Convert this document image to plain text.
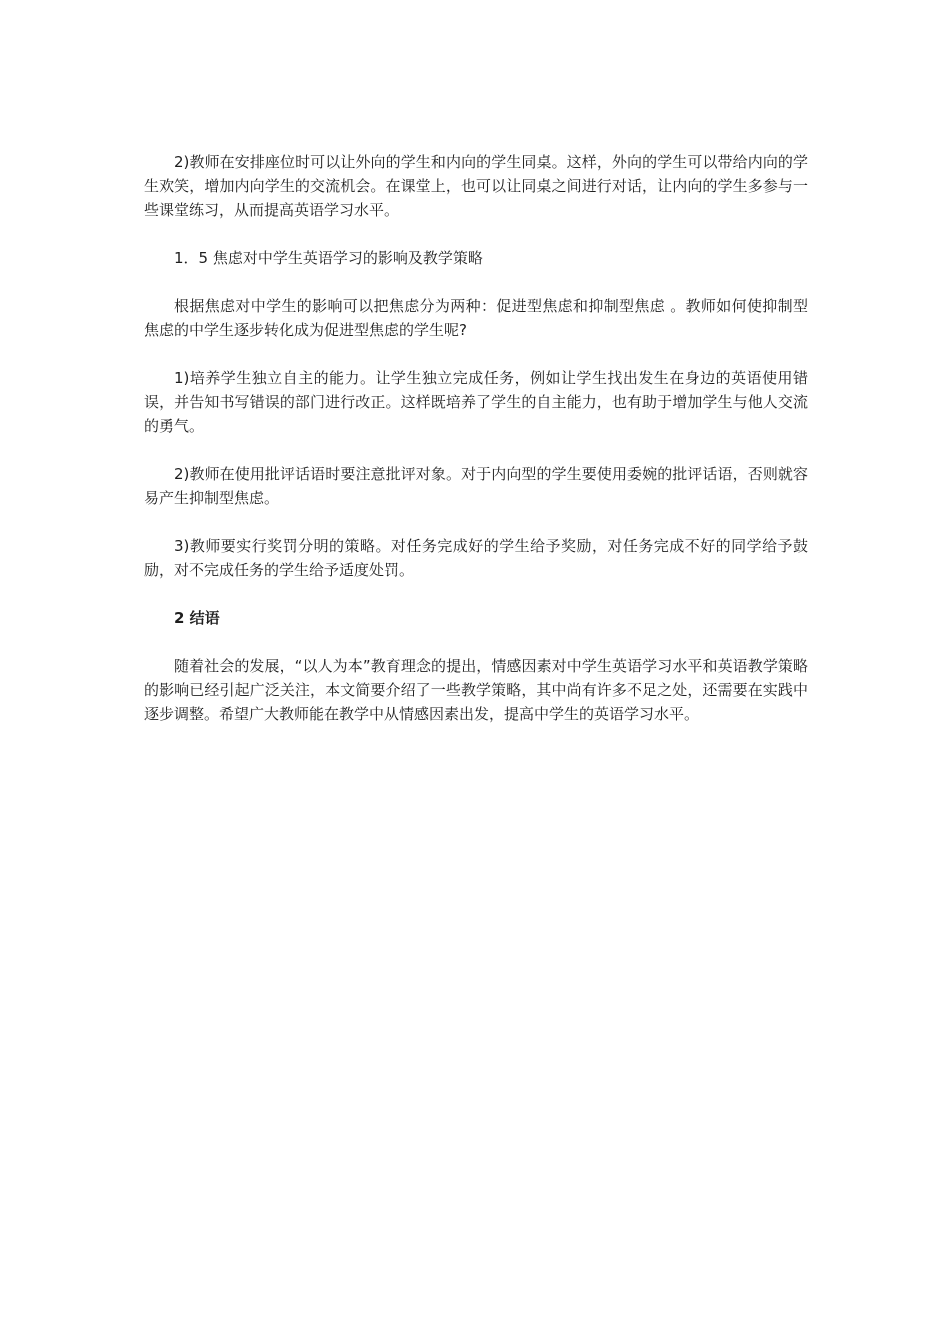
2)教师在安排座位时可以让外向的学生和内向的学生同桌。这样，外向的学生可以带给内向的学生欢笑，增加内向学生的交流机会。在课堂上，也可以让同桌之间进行对话，让内向的学生多参与一些课堂练习，从而提高英语学习水平。

1．5 焦虑对中学生英语学习的影响及教学策略

根据焦虑对中学生的影响可以把焦虑分为两种：促进型焦虑和抑制型焦虑 。教师如何使抑制型焦虑的中学生逐步转化成为促进型焦虑的学生呢?

1)培养学生独立自主的能力。让学生独立完成任务，例如让学生找出发生在身边的英语使用错误，并告知书写错误的部门进行改正。这样既培养了学生的自主能力，也有助于增加学生与他人交流的勇气。

2)教师在使用批评话语时要注意批评对象。对于内向型的学生要使用委婉的批评话语，否则就容易产生抑制型焦虑。

3)教师要实行奖罚分明的策略。对任务完成好的学生给予奖励，对任务完成不好的同学给予鼓励，对不完成任务的学生给予适度处罚。

2 结语

随着社会的发展，“以人为本”教育理念的提出，情感因素对中学生英语学习水平和英语教学策略的影响已经引起广泛关注，本文简要介绍了一些教学策略，其中尚有许多不足之处，还需要在实践中逐步调整。希望广大教师能在教学中从情感因素出发，提高中学生的英语学习水平。
